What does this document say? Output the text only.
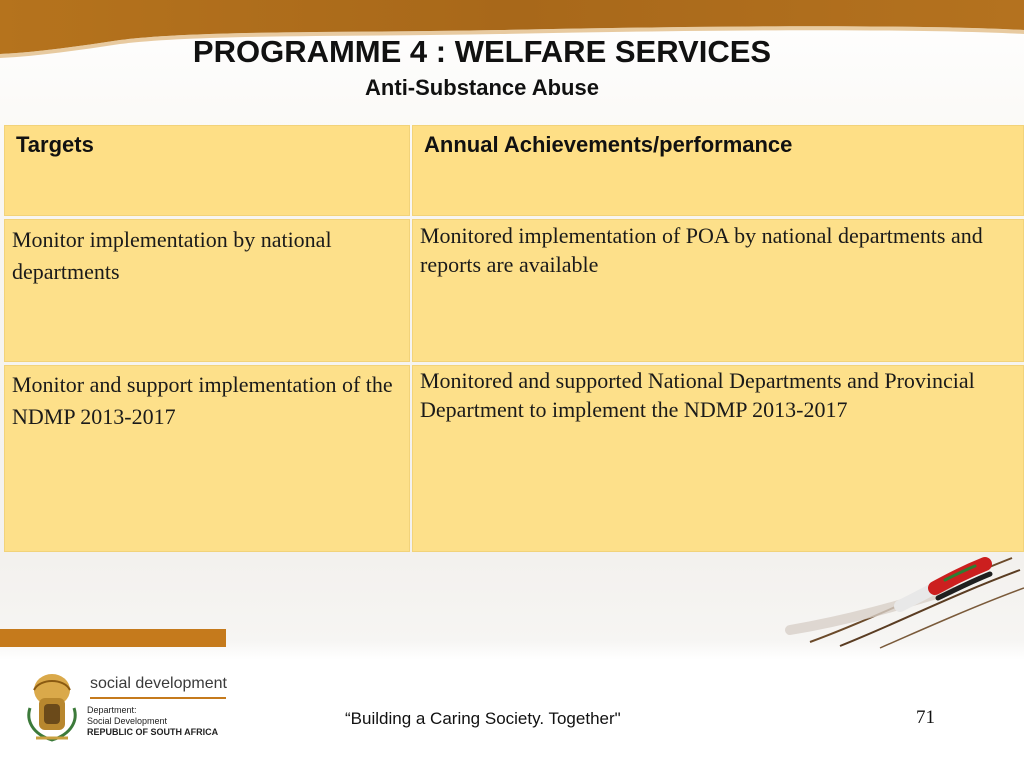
PROGRAMME 4 : WELFARE SERVICES
Anti-Substance Abuse
Targets	Annual Achievements/performance
Monitor implementation by national departments
Monitored implementation of POA by national departments and reports are available
Monitor and support implementation of the NDMP 2013-2017
Monitored and supported National Departments and Provincial Department to implement the NDMP 2013-2017
social development
Department:
Social Development
REPUBLIC OF SOUTH AFRICA
“Building a Caring Society. Together"	71
